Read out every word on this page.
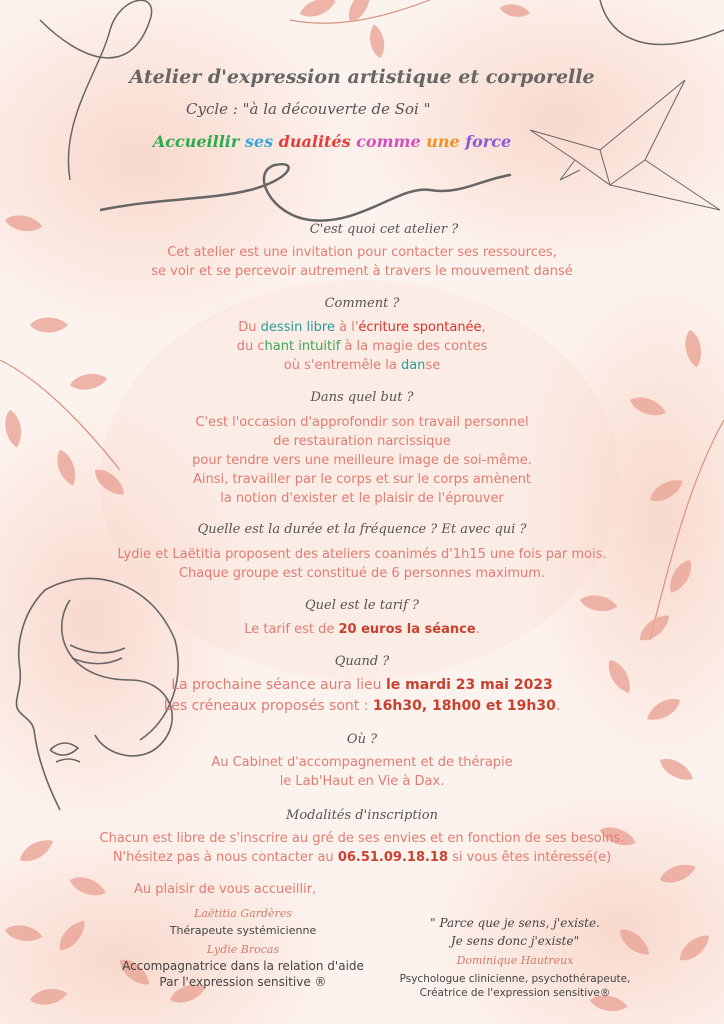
Atelier d'expression artistique et corporelle
Cycle : "à la découverte de Soi "
Accueillir ses dualités comme une force
C'est quoi cet atelier ?
Cet atelier est une invitation pour contacter ses ressources,
se voir et se percevoir autrement à travers le mouvement dansé
Comment ?
Du dessin libre à l'écriture spontanée,
du chant intuitif à la magie des contes
où s'entremêle la danse
Dans quel but ?
C'est l'occasion d'approfondir son travail personnel
de restauration narcissique
pour tendre vers une meilleure image de soi-même.
Ainsi, travailler par le corps et sur le corps amènent
la notion d'exister et le plaisir de l'éprouver
Quelle est la durée et la fréquence ? Et avec qui ?
Lydie et Laëtitia proposent des ateliers coanimés d'1h15 une fois par mois.
Chaque groupe est constitué de 6 personnes maximum.
Quel est le tarif ?
Le tarif est de 20 euros la séance.
Quand ?
La prochaine séance aura lieu le mardi 23 mai 2023
Les créneaux proposés sont : 16h30, 18h00 et 19h30.
Où ?
Au Cabinet d'accompagnement et de thérapie
le Lab'Haut en Vie à Dax.
Modalités d'inscription
Chacun est libre de s'inscrire au gré de ses envies et en fonction de ses besoins.
N'hésitez pas à nous contacter au 06.51.09.18.18 si vous êtes intéressé(e)
Au plaisir de vous accueillir,
Laëtitia Gardères
Thérapeute systémicienne
Lydie Brocas
Accompagnatrice dans la relation d'aide
Par l'expression sensitive ®
" Parce que je sens, j'existe.
Je sens donc j'existe"
Dominique Hautreux
Psychologue clinicienne, psychothérapeute,
Créatrice de l'expression sensitive®
